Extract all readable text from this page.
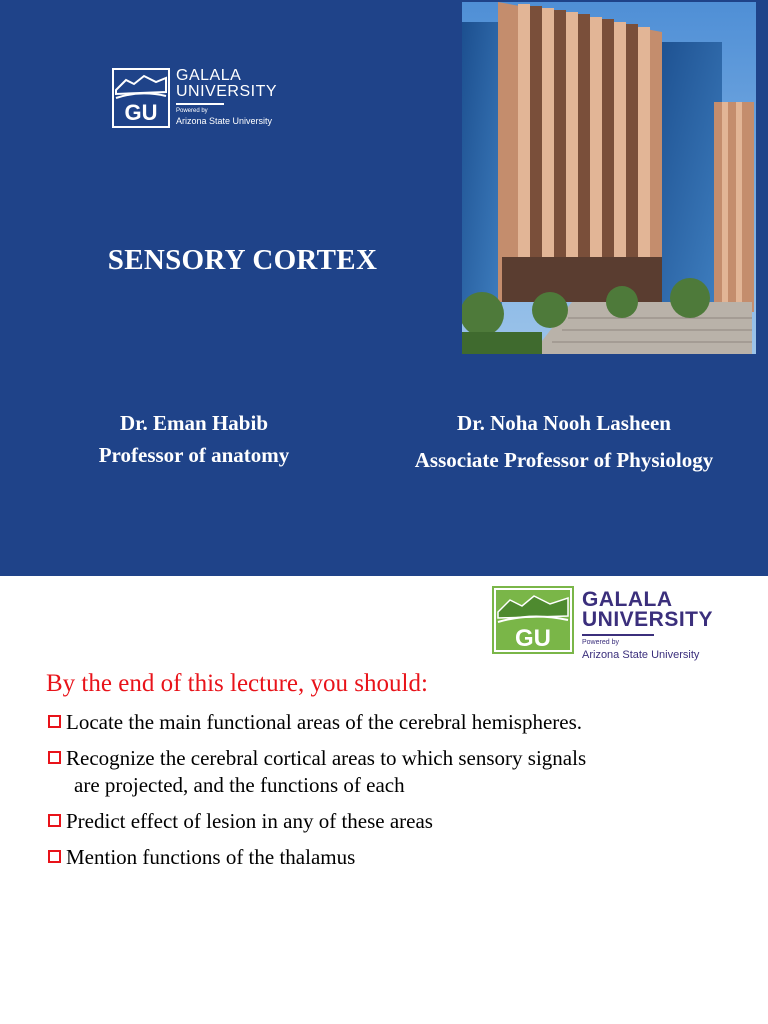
GU
GALALA
UNIVERSITY
Powered by
Arizona State University
SENSORY CORTEX
Dr. Eman Habib
Professor of anatomy
Dr. Noha Nooh Lasheen
Associate Professor of Physiology
GU
GALALA
UNIVERSITY
Powered by
Arizona State University
By the end of this lecture, you should:
Locate the main functional areas of the cerebral hemispheres.
Recognize the cerebral cortical areas to which sensory signals
are projected, and the functions of each
Predict effect of lesion in any of these areas
Mention functions of the thalamus
